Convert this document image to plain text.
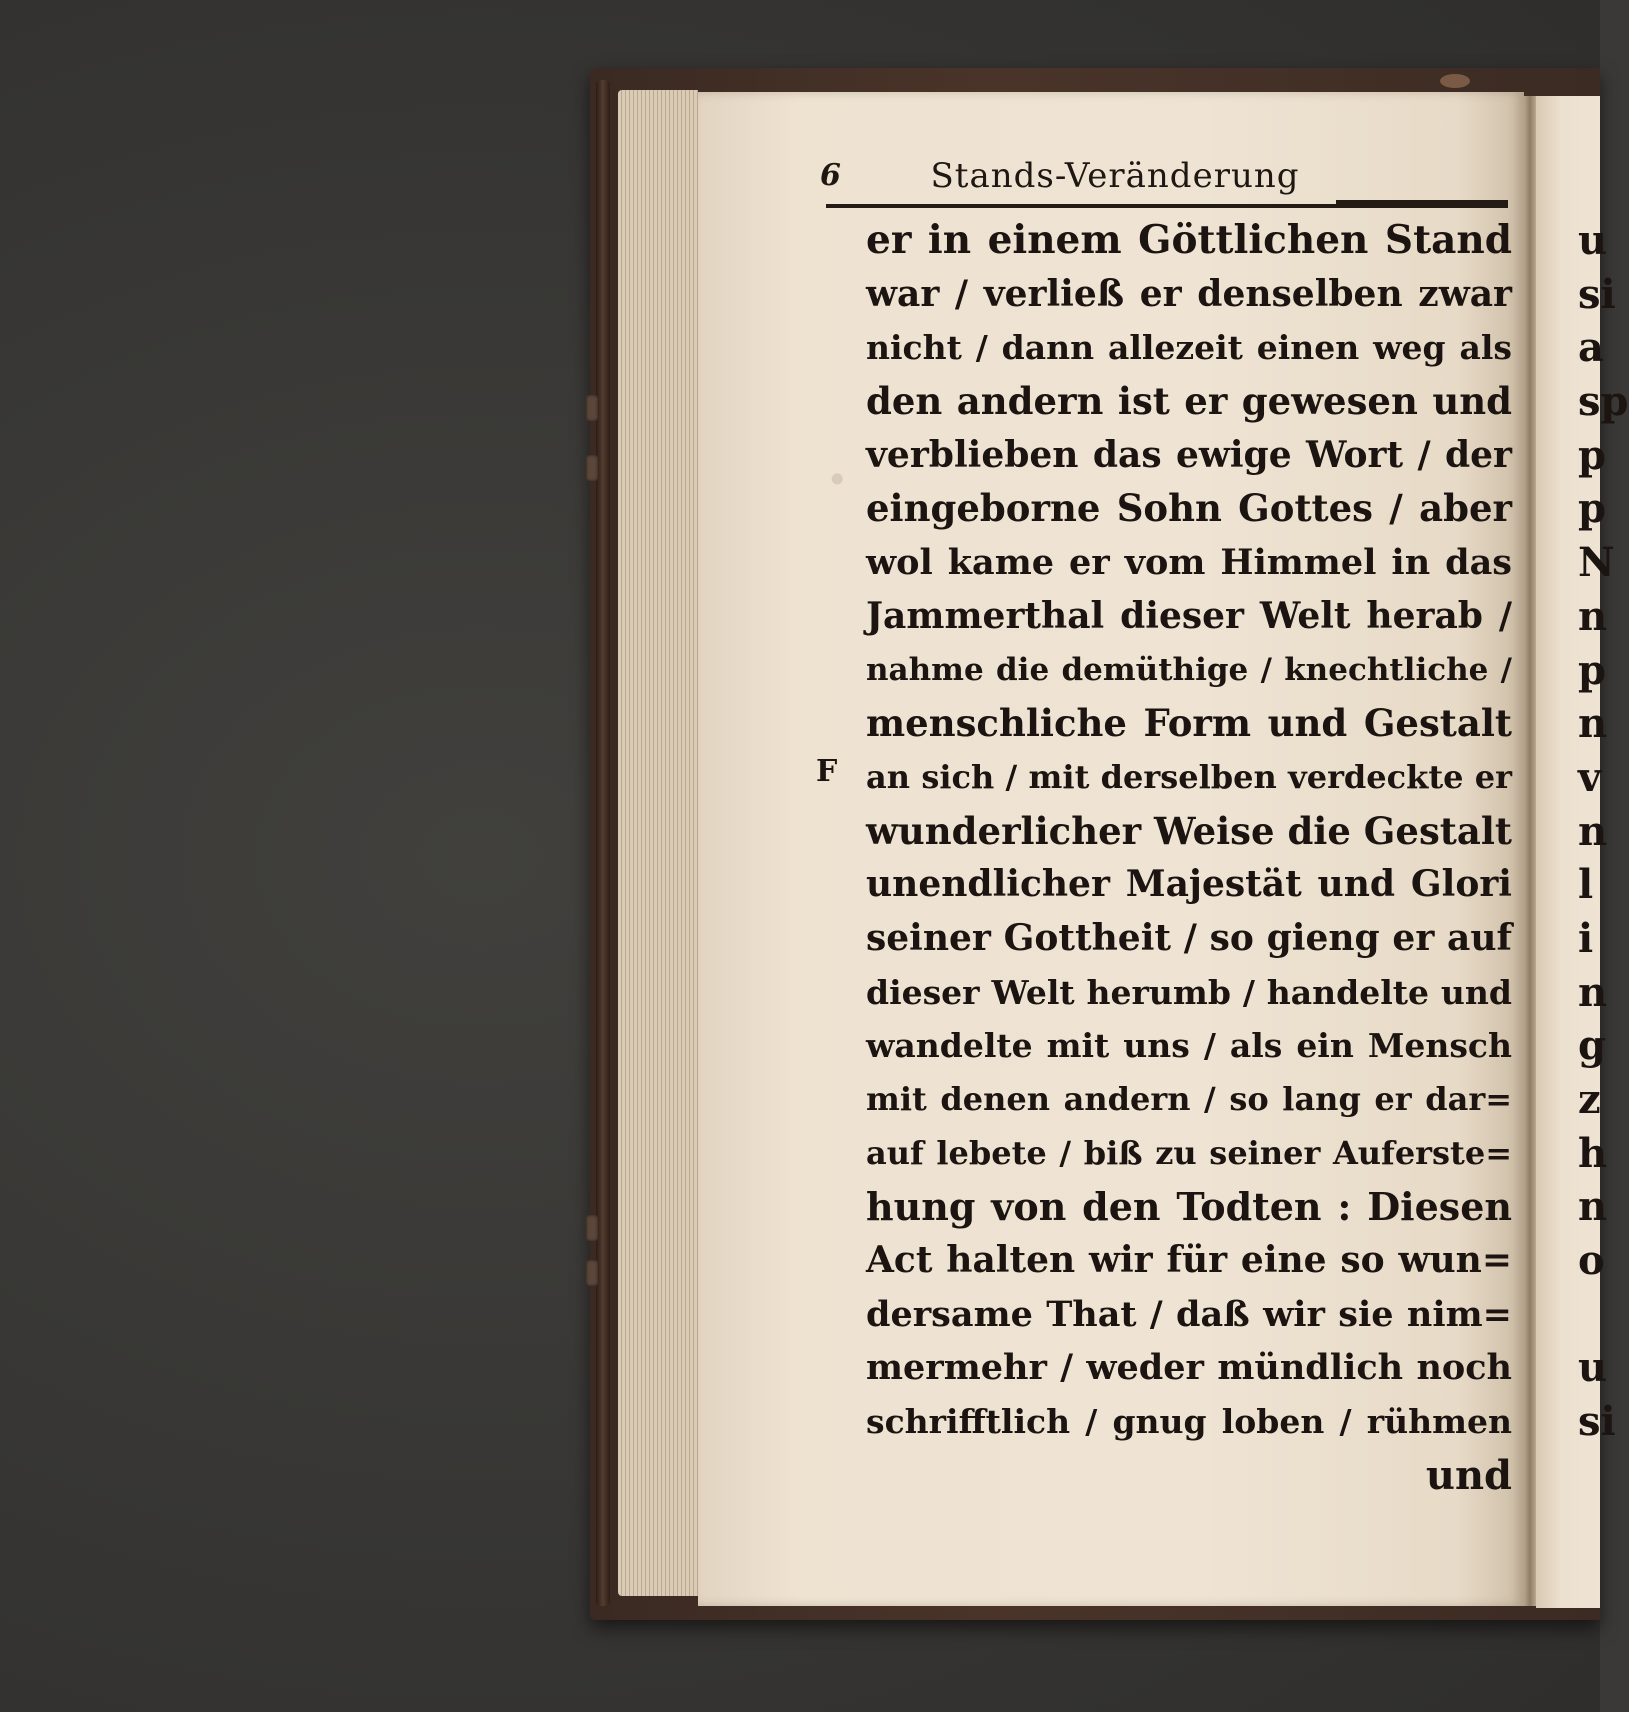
•
6	Stands-Veränderung
F
er in einem Göttlichen Stand
war / verließ er denselben zwar
nicht / dann allezeit einen weg als
den andern ist er gewesen und
verblieben das ewige Wort / der
eingeborne Sohn Gottes / aber
wol kame er vom Himmel in das
Jammerthal dieser Welt herab /
nahme die demüthige / knechtliche /
menschliche Form und Gestalt
an sich / mit derselben verdeckte er
wunderlicher Weise die Gestalt
unendlicher Majestät und Glori
seiner Gottheit / so gieng er auf
dieser Welt herumb / handelte und
wandelte mit uns / als ein Mensch
mit denen andern / so lang er dar=
auf lebete / biß zu seiner Auferste=
hung von den Todten : Diesen
Act halten wir für eine so wun=
dersame That / daß wir sie nim=
mermehr / weder mündlich noch
schrifftlich / gnug loben / rühmen
und
u
si
a
sp
p
p
N
n
p
n
v
n
l
i
n
g
z
h
n
o
u
si
